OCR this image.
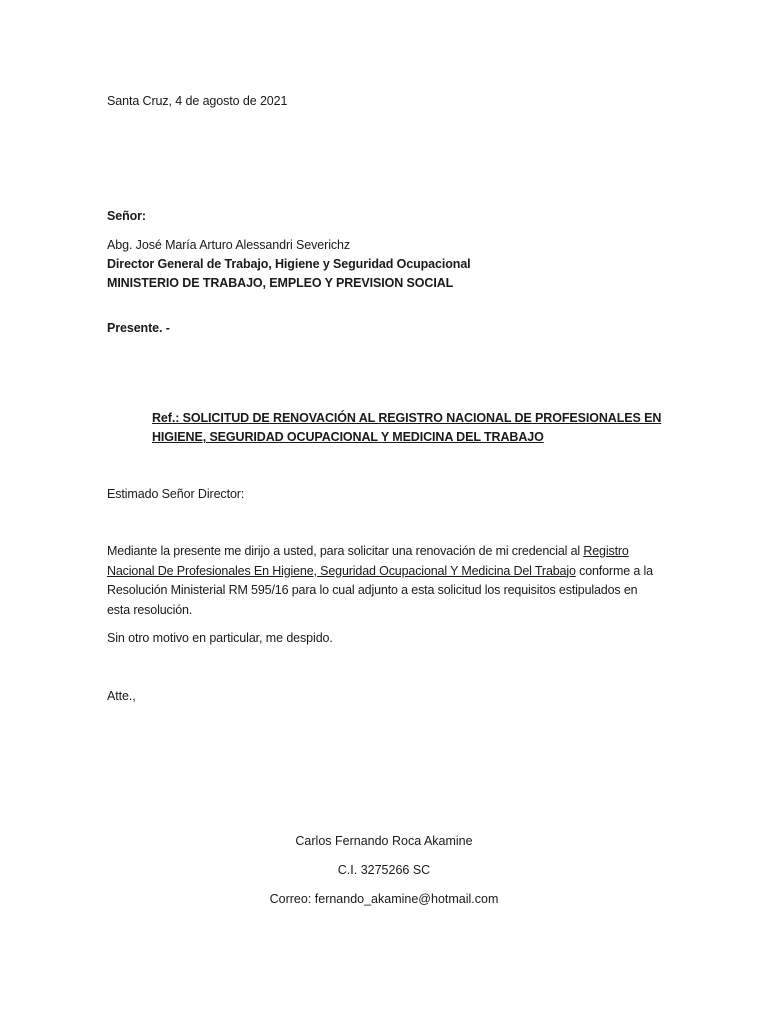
Santa Cruz, 4 de agosto de 2021
Señor:
Abg. José María Arturo Alessandri Severichz
Director General de Trabajo, Higiene y Seguridad Ocupacional
MINISTERIO DE TRABAJO, EMPLEO Y PREVISION SOCIAL
Presente. -
Ref.: SOLICITUD DE RENOVACIÓN AL REGISTRO NACIONAL DE PROFESIONALES EN
HIGIENE, SEGURIDAD OCUPACIONAL Y MEDICINA DEL TRABAJO
Estimado Señor Director:
Mediante la presente me dirijo a usted, para solicitar una renovación de mi credencial al Registro Nacional De Profesionales En Higiene, Seguridad Ocupacional Y Medicina Del Trabajo conforme a la Resolución Ministerial RM 595/16 para lo cual adjunto a esta solicitud los requisitos estipulados en esta resolución.
Sin otro motivo en particular, me despido.
Atte.,
Carlos Fernando Roca Akamine
C.I. 3275266 SC
Correo: fernando_akamine@hotmail.com
